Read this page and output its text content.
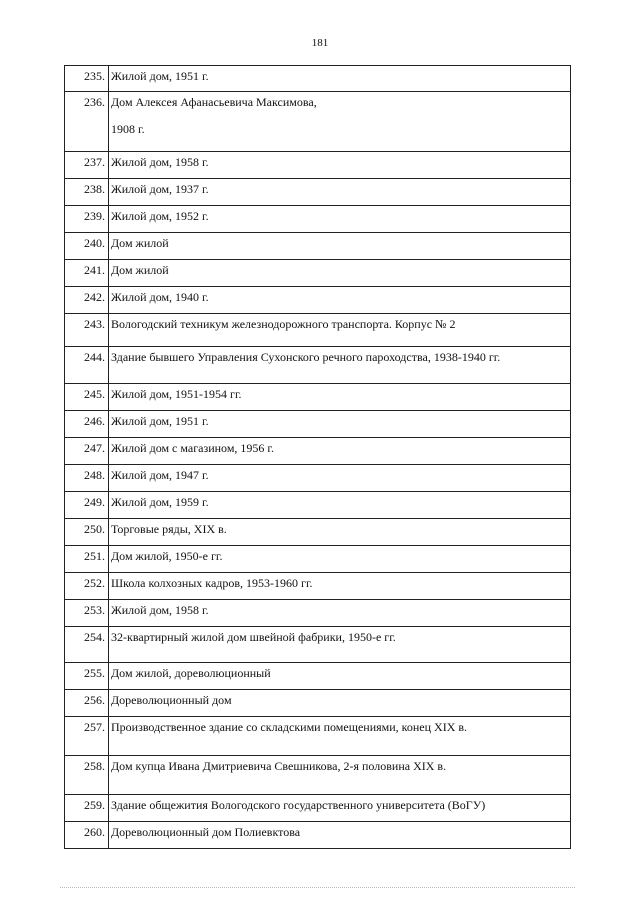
181
235.	Жилой дом, 1951 г.
236.	Дом Алексея Афанасьевича Максимова,
1908 г.

237.	Жилой дом, 1958 г.
238.	Жилой дом, 1937 г.
239.	Жилой дом, 1952 г.
240.	Дом жилой
241.	Дом жилой
242.	Жилой дом, 1940 г.
243.	Вологодский техникум железнодорожного транспорта. Корпус № 2
244.	Здание бывшего Управления Сухонского речного пароходства, 1938-1940 гг.
245.	Жилой дом, 1951-1954 гг.
246.	Жилой дом, 1951 г.
247.	Жилой дом с магазином, 1956 г.
248.	Жилой дом, 1947 г.
249.	Жилой дом, 1959 г.
250.	Торговые ряды, XIX в.
251.	Дом жилой, 1950-е гг.
252.	Школа колхозных кадров, 1953-1960 гг.
253.	Жилой дом, 1958 г.
254.	32-квартирный жилой дом швейной фабрики, 1950-е гг.
255.	Дом жилой, дореволюционный
256.	Дореволюционный дом
257.	Производственное здание со складскими помещениями, конец XIX в.
258.	Дом купца Ивана Дмитриевича Свешникова, 2-я половина XIX в.
259.	Здание общежития Вологодского государственного университета (ВоГУ)
260.	Дореволюционный дом Полиевктова
